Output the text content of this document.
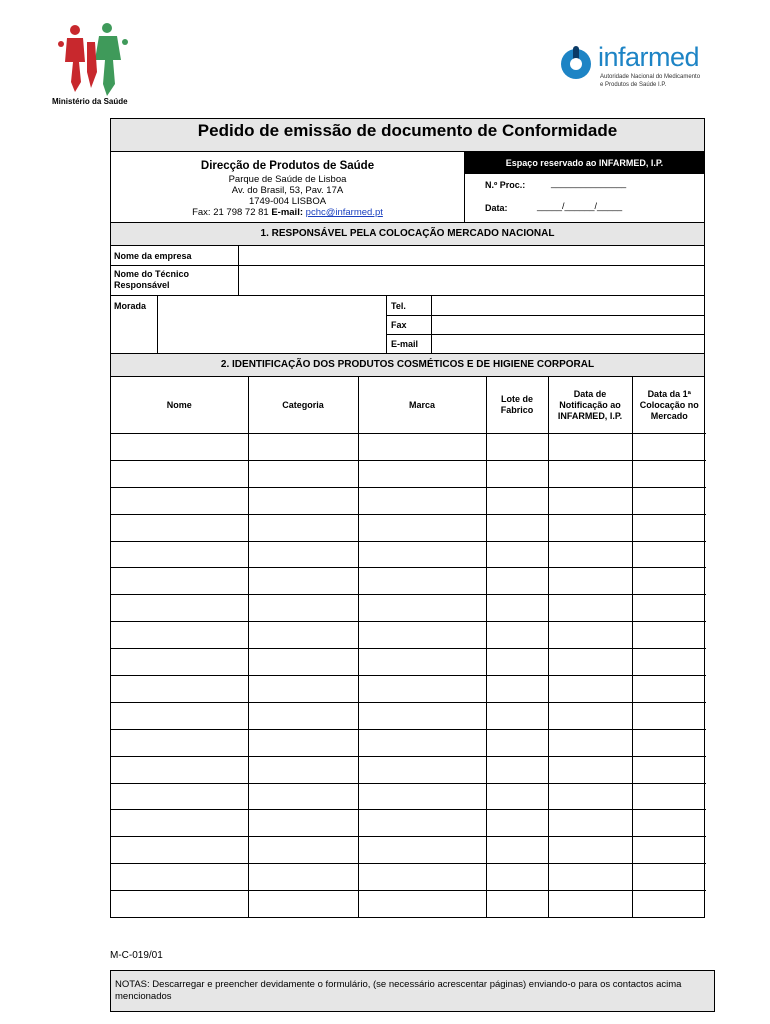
Ministério da Saúde
infarmed
Autoridade Nacional do Medicamento
e Produtos de Saúde I.P.
Pedido de emissão de documento de Conformidade
Direcção de Produtos de Saúde
Parque de Saúde de Lisboa
Av. do Brasil, 53, Pav. 17A
1749-004 LISBOA
Fax: 21 798 72 81 E-mail: pchc@infarmed.pt
Espaço reservado ao INFARMED, I.P.
N.º Proc.:	_______________
Data:	_____/______/_____
1. RESPONSÁVEL PELA COLOCAÇÃO MERCADO NACIONAL
Nome da empresa
Nome do Técnico
Responsável
Morada	Tel.
Fax
E-mail
2. IDENTIFICAÇÃO DOS PRODUTOS COSMÉTICOS E DE HIGIENE CORPORAL
Nome	Categoria	Marca	Lote de Fabrico	Data de Notificação ao INFARMED, I.P.	Data da 1ª Colocação no Mercado

M-C-019/01
NOTAS: Descarregar e preencher devidamente o formulário, (se necessário acrescentar páginas) enviando-o para os contactos acima mencionados
